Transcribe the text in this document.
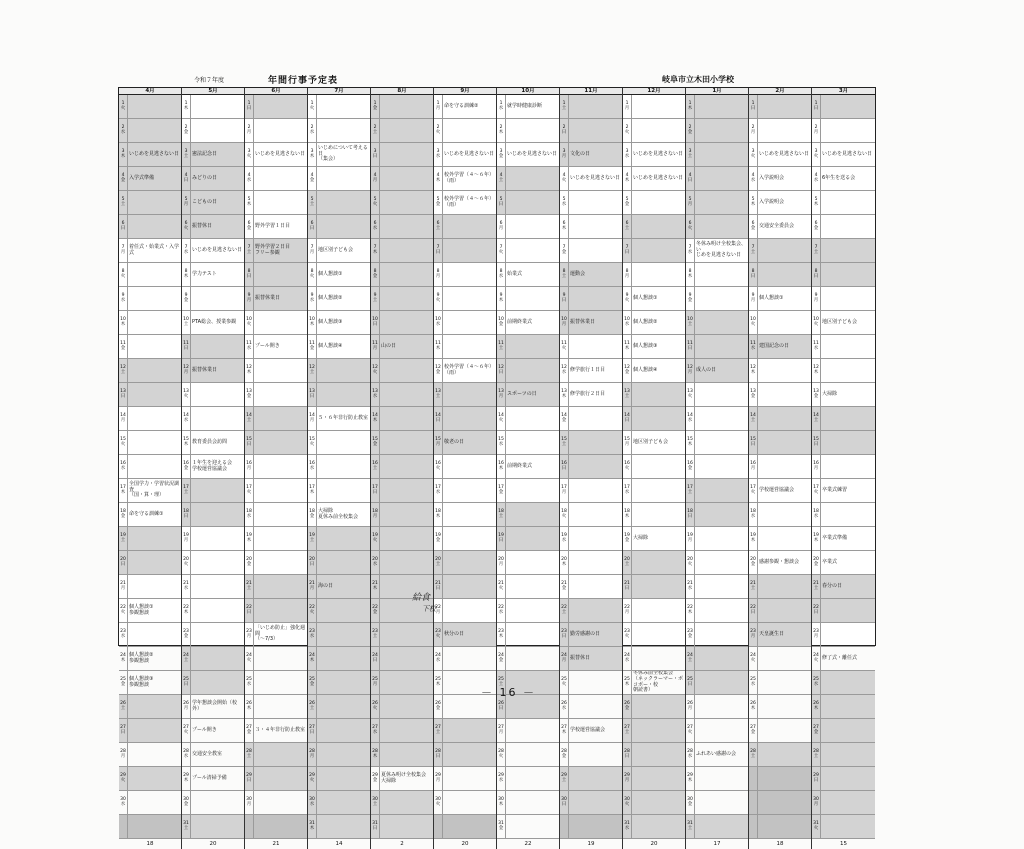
令和７年度	年間行事予定表	岐阜市立木田小学校
4月
1
火
2
水
3
木 いじめを見逃さない日
4
金 入学式準備
5
土
6
日
7
月
着任式・始業式・入学式
8
火
9
水
10
木
11
金
12
土
13
日
14
月
15
火
16
水
17
木
全国学力・学習状況調査
（国・算・理）
18
金 命を守る訓練①
19
土
20
日
21
月
22
火
個人懇談①
参観懇談
23
水
24
木
個人懇談②
参観懇談
25
金
個人懇談③
参観懇談
26
土
27
日
28
月
29
火
30
水
18
5月
1
木
2
金
3
土 憲法記念日
4
日 みどりの日
5
月 こどもの日
6
火 振替休日
7
水 いじめを見逃さない日
8
木 学力テスト
9
金
10
土 PTA総会、授業参観
11
日
12
月 振替休業日
13
火
14
水
15
木 教育委員会訪問
16
金
１年生を迎える会
学校運営協議会
17
土
18
日
19
月
20
火
21
水
22
木
23
金
24
土
25
日
26
月
学年懇談会開始（校外）
27
火 プール開き
28
水 交通安全教室
29
木 プール清掃予備
30
金
31
土
20
6月
1
日
2
月
3
火 いじめを見逃さない日
4
水
5
木
6
金 野外学習１日目
7
土
野外学習２日目
フリー参観
8
日
9
月 振替休業日
10
火
11
水 プール開き
12
木
13
金
14
土
15
日
16
月
17
火
18
水
19
木
20
金
21
土
22
日
23
月
「いじめ防止」強化週間
（～7/3）
24
火
25
水
26
木
27
金 ３・４年非行防止教室
28
土
29
日
30
月
21
7月
1
火
2
水
3
木
いじめについて考える日
（集会）
4
金
5
土
6
日
7
月 地区別子ども会
8
火 個人懇談①
9
水 個人懇談②
10
木 個人懇談③
11
金 個人懇談④
12
土
13
日
14
月 ５・６年非行防止教室
15
火
16
水
17
木
18
金
大掃除
夏休み前全校集会
19
土
20
日
21
月 海の日
22
火
23
水
24
木
25
金
26
土
27
日
28
月
29
火
30
水
31
木
14
8月
1
金
2
土
3
日
4
月
5
火
6
水
7
木
8
金
9
土
10
日
11
月 山の日
12
火
13
水
14
木
15
金
16
土
17
日
18
月
19
火
20
水
21
木
22
金
23
土
24
日
25
月
26
火
27
水
28
木
29
金
夏休み明け全校集会
大掃除
30
土
31
日
2
9月
1
月 命を守る訓練②
2
火
3
水 いじめを見逃さない日
4
木
校外学習（４～６年）
（雨）
5
金
校外学習（４～６年）
（雨）
6
土
7
日
8
月
9
火
10
水
11
木
12
金
校外学習（４～６年）
（雨）
13
土
14
日
15
月 敬老の日
16
火
17
水
18
木
19
金
20
土
21
日
22
月
23
火 秋分の日
24
水
25
木
26
金
27
土
28
日
29
月
30
火
20
10月
1
水 就学時健康診断
2
木
3
金 いじめを見逃さない日
4
土
5
日
6
月
7
火
8
水 始業式
9
木
10
金 前期終業式
11
土
12
日
13
月 スポーツの日
14
火
15
水
16
木 前期終業式
17
金
18
土
19
日
20
月
21
火
22
水
23
木
24
金
25
土
26
日
27
月
28
火
29
水
30
木
31
金
22
11月
1
土
2
日
3
月 文化の日
4
火 いじめを見逃さない日
5
水
6
木
7
金
8
土 運動会
9
日
10
月 振替休業日
11
火
12
水 修学旅行１日目
13
木 修学旅行２日目
14
金
15
土
16
日
17
月
18
火
19
水
20
木
21
金
22
土
23
日 勤労感謝の日
24
月 振替休日
25
火
26
水
27
木 学校運営協議会
28
金
29
土
30
日
19
12月
1
月
2
火
3
水 いじめを見逃さない日
4
木 いじめを見逃さない日
5
金
6
土
7
日
8
月
9
火 個人懇談①
10
水 個人懇談②
11
木 個人懇談③
12
金 個人懇談④
13
土
14
日
15
月 地区別子ども会
16
火
17
水
18
木
19
金 大掃除
20
土
21
日
22
月
23
火
24
水
25
木
冬休み前全校集会
（ネックラーマー・ボコボー・校
朝読書）
26
金
27
土
28
日
29
月
30
火
31
水
20
1月
1
木
2
金
3
土
4
日
5
月
6
火
7
水
冬休み明け全校集会、い
じめを見逃さない日
8
木
9
金
10
土
11
日
12
月 成人の日
13
火
14
水
15
木
16
金
17
土
18
日
19
月
20
火
21
水
22
木
23
金
24
土
25
日
26
月
27
火
28
水 ふれあい感謝の会
29
木
30
金
31
土
17
2月
1
日
2
月
3
火 いじめを見逃さない日
4
水 入学説明会
5
木 入学説明会
6
金 交通安全委員会
7
土
8
日
9
月 個人懇談①
10
火
11
水 建国記念の日
12
木
13
金
14
土
15
日
16
月
17
火 学校運営協議会
18
水
19
木
20
金 感謝参観・懇談会
21
土
22
日
23
月 天皇誕生日
24
火
25
水
26
木
27
金
28
土
18
3月
1
日
2
月
3
火 いじめを見逃さない日
4
水 6年生を送る会
5
木
6
金
7
土
8
日
9
月
10
火 地区別子ども会
11
水
12
木
13
金 大掃除
14
土
15
日
16
月
17
火 卒業式練習
18
水
19
木 卒業式準備
20
金 卒業式
21
土 春分の日
22
日
23
月
24
火 修了式・離任式
25
水
26
木
27
金
28
土
29
日
30
月
31
火
15
給食
下校
－ 16 －
